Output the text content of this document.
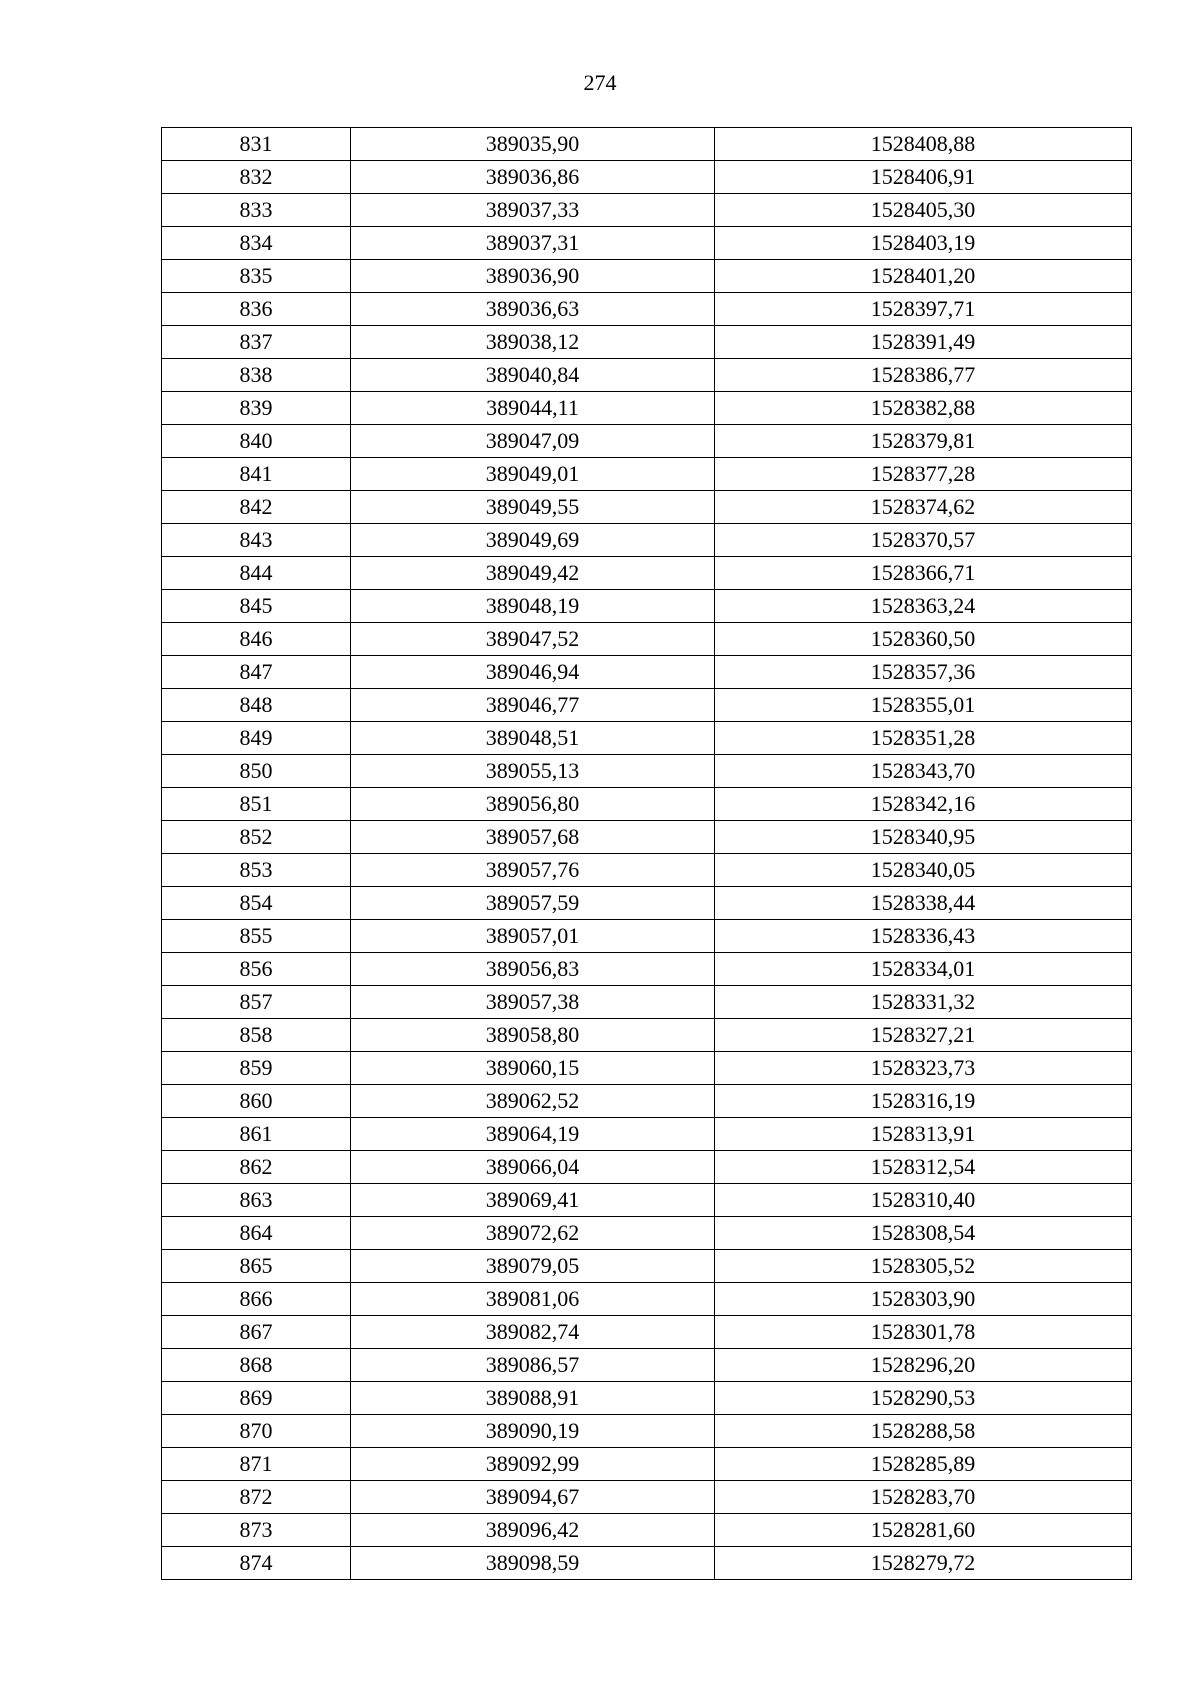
274
831	389035,90	1528408,88
832	389036,86	1528406,91
833	389037,33	1528405,30
834	389037,31	1528403,19
835	389036,90	1528401,20
836	389036,63	1528397,71
837	389038,12	1528391,49
838	389040,84	1528386,77
839	389044,11	1528382,88
840	389047,09	1528379,81
841	389049,01	1528377,28
842	389049,55	1528374,62
843	389049,69	1528370,57
844	389049,42	1528366,71
845	389048,19	1528363,24
846	389047,52	1528360,50
847	389046,94	1528357,36
848	389046,77	1528355,01
849	389048,51	1528351,28
850	389055,13	1528343,70
851	389056,80	1528342,16
852	389057,68	1528340,95
853	389057,76	1528340,05
854	389057,59	1528338,44
855	389057,01	1528336,43
856	389056,83	1528334,01
857	389057,38	1528331,32
858	389058,80	1528327,21
859	389060,15	1528323,73
860	389062,52	1528316,19
861	389064,19	1528313,91
862	389066,04	1528312,54
863	389069,41	1528310,40
864	389072,62	1528308,54
865	389079,05	1528305,52
866	389081,06	1528303,90
867	389082,74	1528301,78
868	389086,57	1528296,20
869	389088,91	1528290,53
870	389090,19	1528288,58
871	389092,99	1528285,89
872	389094,67	1528283,70
873	389096,42	1528281,60
874	389098,59	1528279,72
